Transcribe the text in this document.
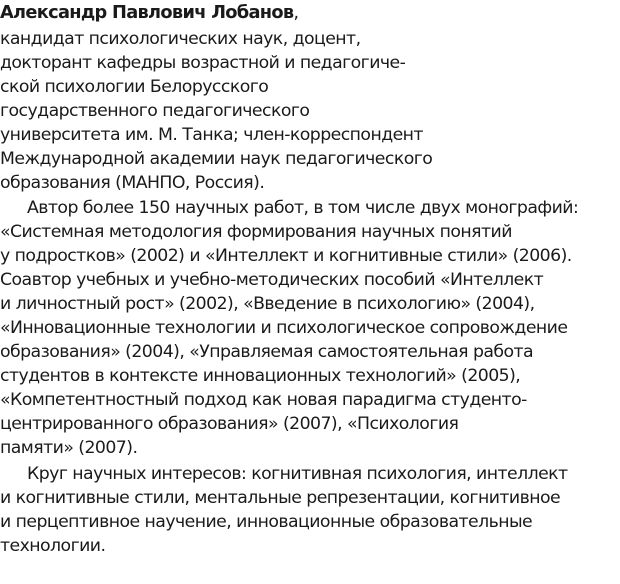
Александр Павлович Лобанов,
кандидат психологических наук, доцент,
докторант кафедры возрастной и педагогиче-
ской психологии Белорусского
государственного педагогического
университета им. М. Танка; член-корреспондент
Международной академии наук педагогического
образования (МАНПО, Россия).
Автор более 150 научных работ, в том числе двух монографий:
«Системная методология формирования научных понятий
у подростков» (2002) и «Интеллект и когнитивные стили» (2006).
Соавтор учебных и учебно-методических пособий «Интеллект
и личностный рост» (2002), «Введение в психологию» (2004),
«Инновационные технологии и психологическое сопровождение
образования» (2004), «Управляемая самостоятельная работа
студентов в контексте инновационных технологий» (2005),
«Компетентностный подход как новая парадигма студенто-
центрированного образования» (2007), «Психология
памяти» (2007).
Круг научных интересов: когнитивная психология, интеллект
и когнитивные стили, ментальные репрезентации, когнитивное
и перцептивное научение, инновационные образовательные
технологии.
